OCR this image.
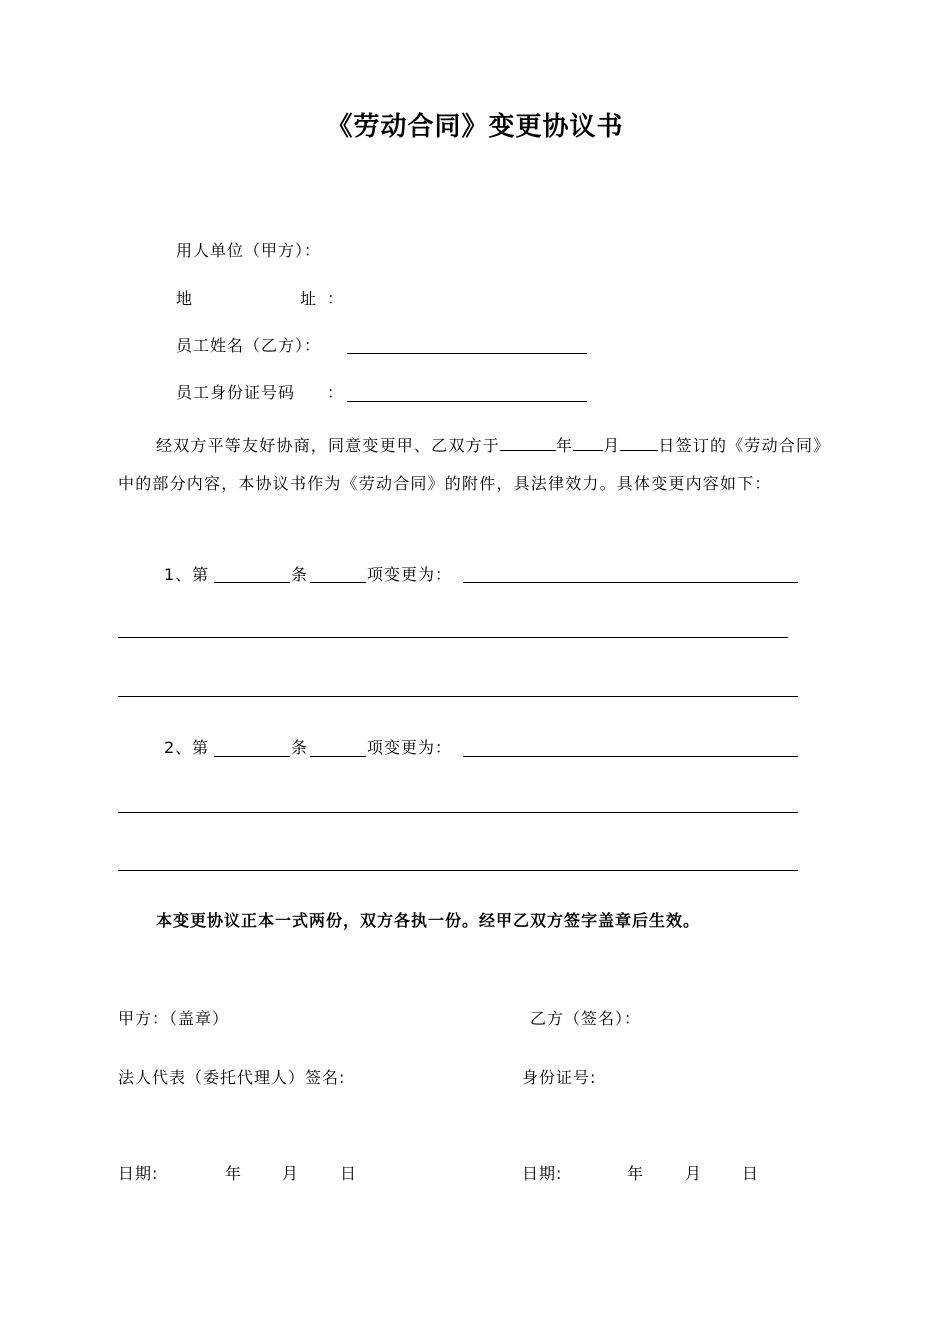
《劳动合同》变更协议书
用人单位（甲方）：
地	址 ：
员工姓名（乙方）：
员工身份证号码 ：
经双方平等友好协商，同意变更甲、乙双方于	年 月 日签订的《劳动合同》中的部分内容，本协议书作为《劳动合同》的附件，具法律效力。具体变更内容如下：
1、第	条	项变更为：
2、第	条	项变更为：
本变更协议正本一式两份，双方各执一份。经甲乙双方签字盖章后生效。
甲方：（盖章）	乙方（签名）：
法人代表（委托代理人）签名:	身份证号:
日期:	年 月	日	日期:	年	月 日
